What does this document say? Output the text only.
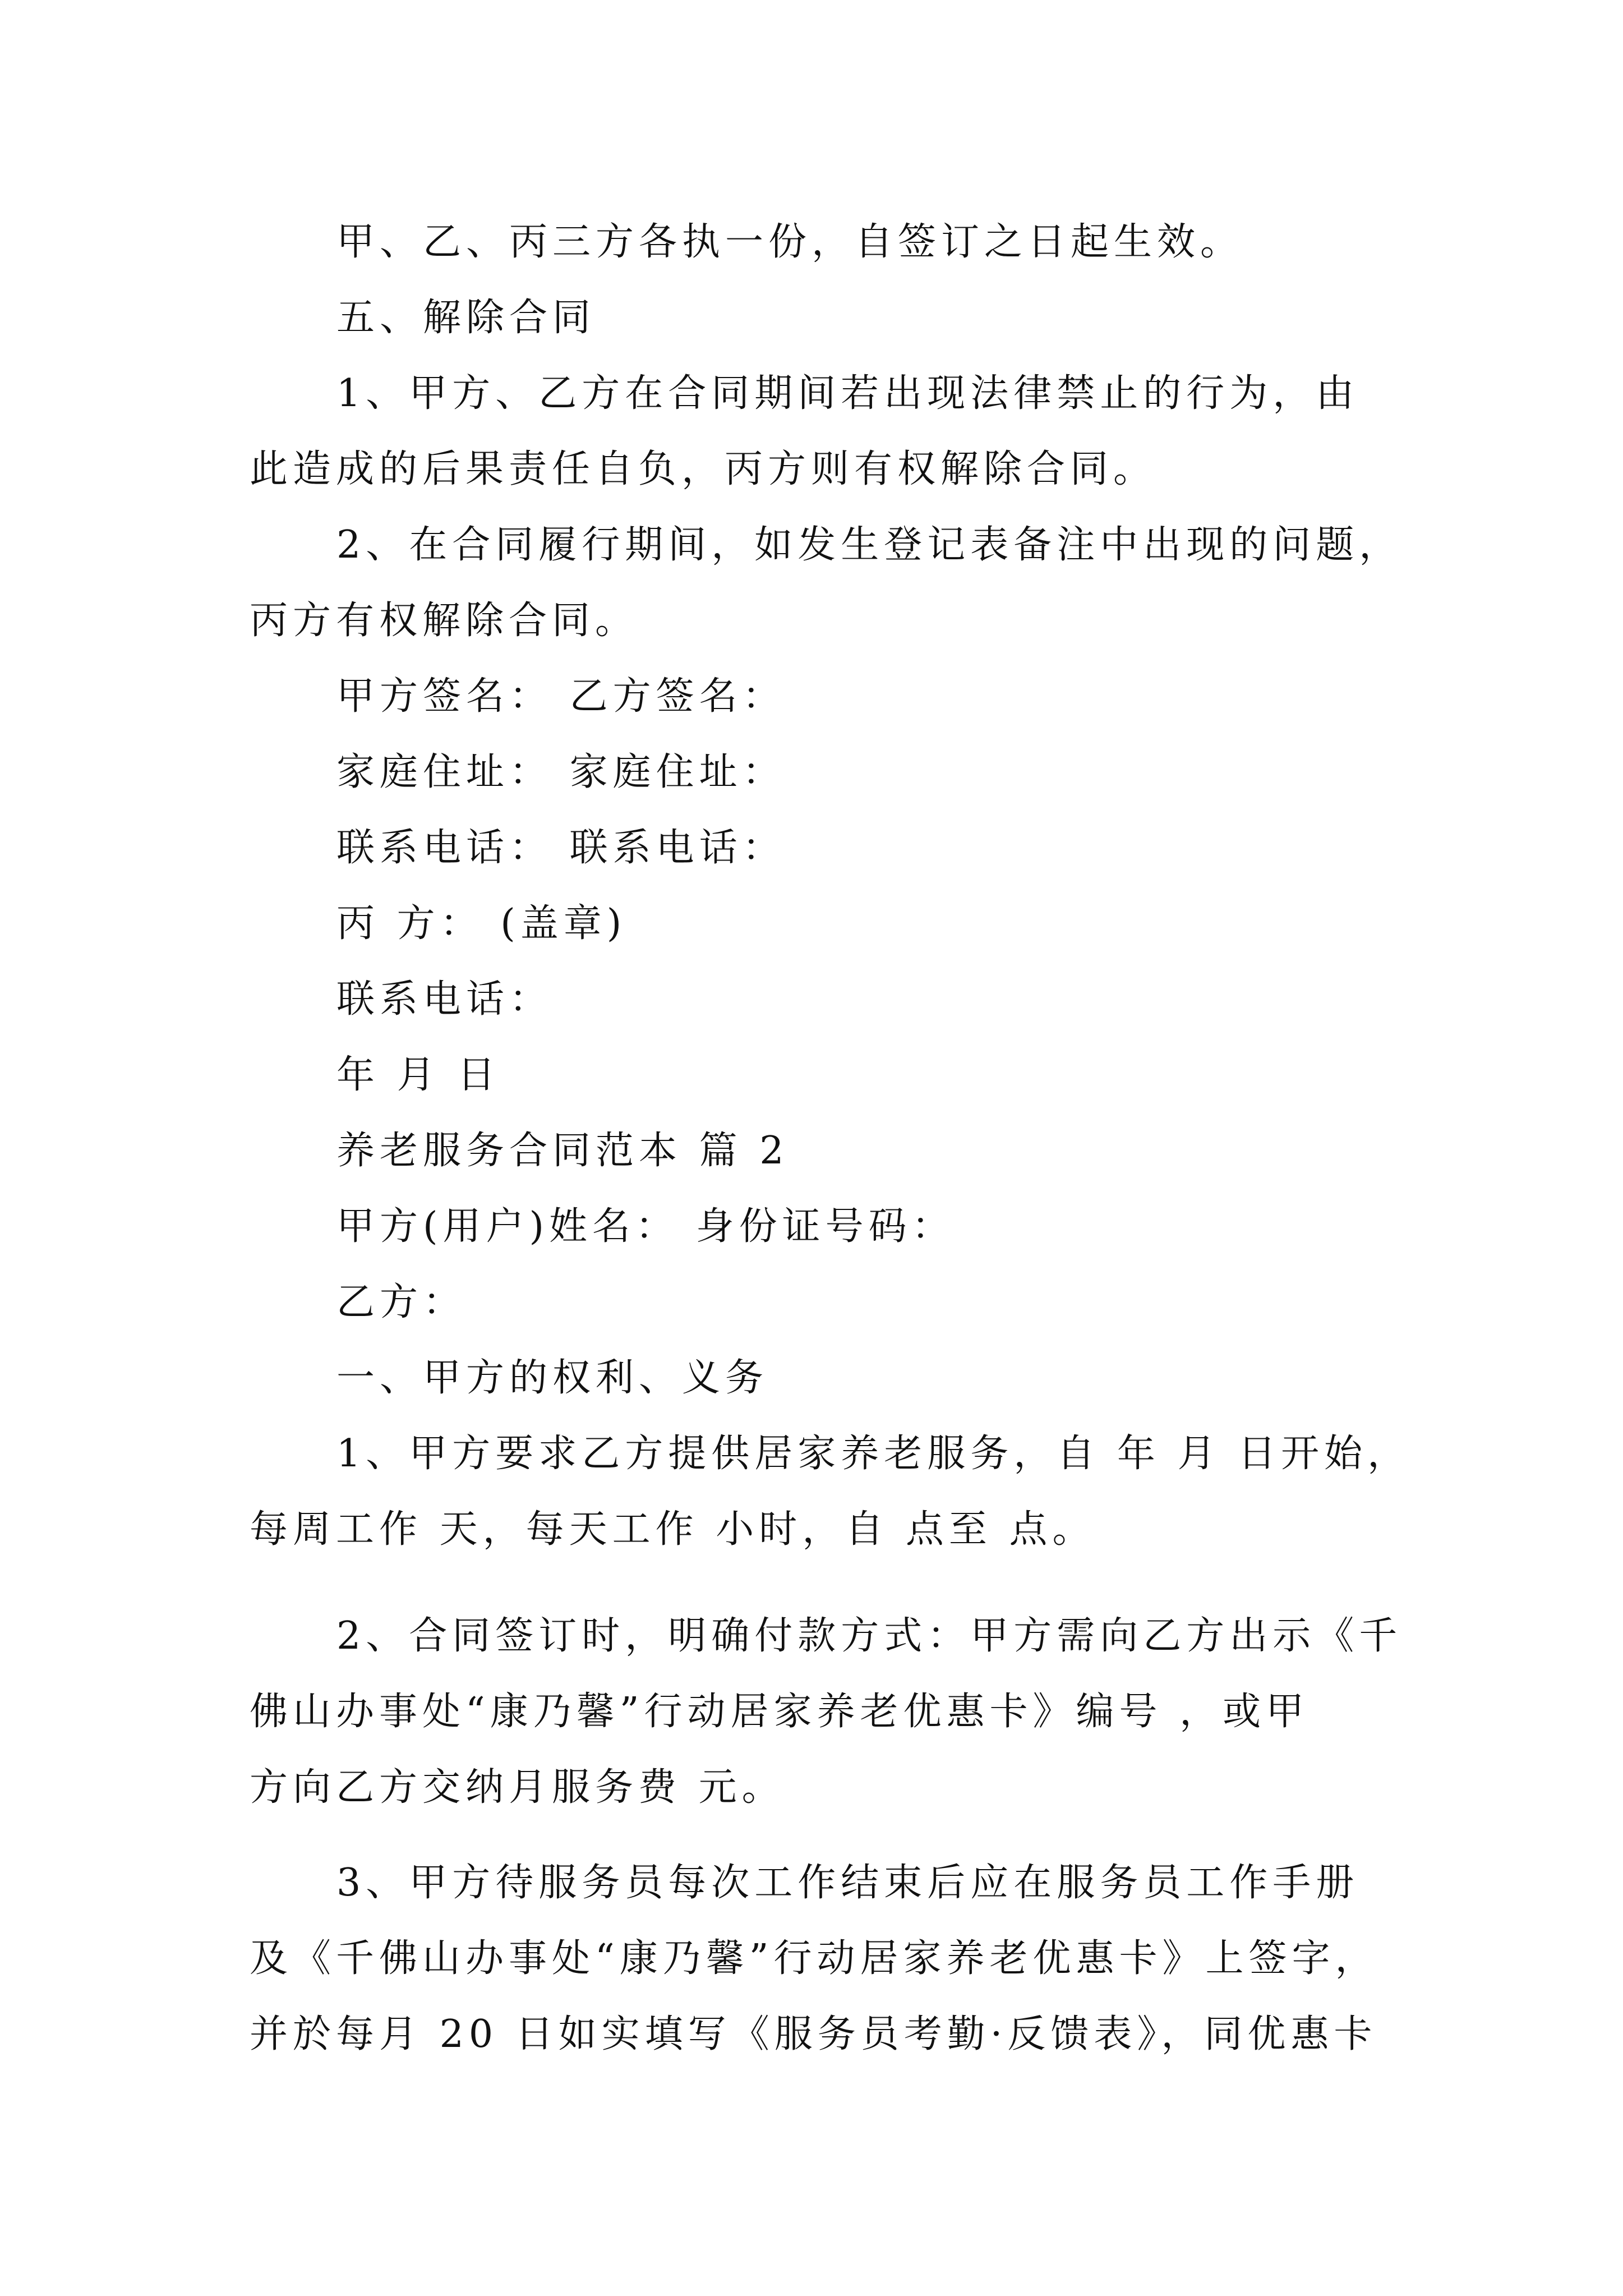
甲、乙、丙三方各执一份，自签订之日起生效。
五、解除合同
1、甲方、乙方在合同期间若出现法律禁止的行为，由
此造成的后果责任自负，丙方则有权解除合同。
2、在合同履行期间，如发生登记表备注中出现的问题，
丙方有权解除合同。
甲方签名： 乙方签名：
家庭住址： 家庭住址：
联系电话： 联系电话：
丙 方： (盖章)
联系电话：
年 月 日
养老服务合同范本 篇 2
甲方(用户)姓名： 身份证号码：
乙方：
一、甲方的权利、义务
1、甲方要求乙方提供居家养老服务，自 年 月 日开始，
每周工作 天，每天工作 小时，自 点至 点。
2、合同签订时，明确付款方式：甲方需向乙方出示《千
佛山办事处“康乃馨”行动居家养老优惠卡》编号 ，或甲
方向乙方交纳月服务费 元。
3、甲方待服务员每次工作结束后应在服务员工作手册
及《千佛山办事处“康乃馨”行动居家养老优惠卡》上签字，
并於每月 20 日如实填写《服务员考勤·反馈表》，同优惠卡
